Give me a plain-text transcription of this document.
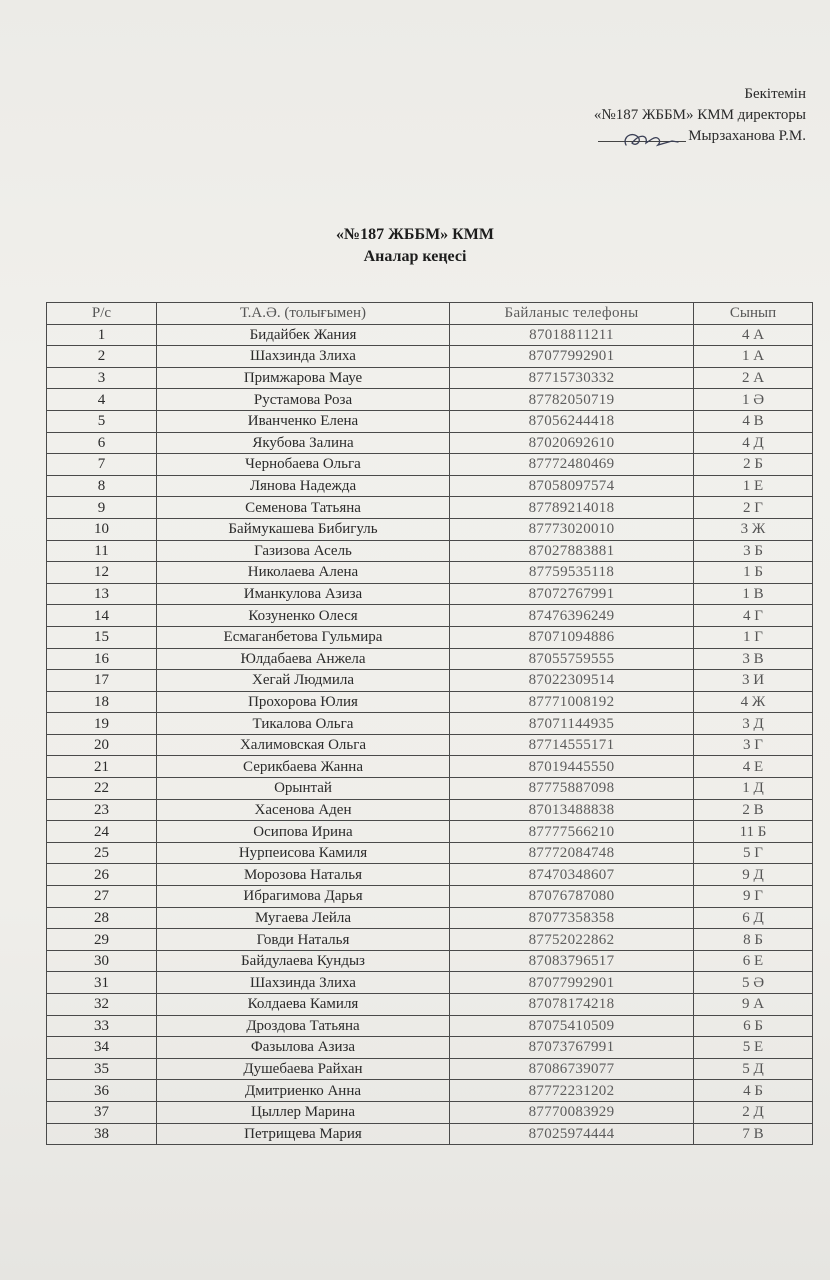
Бекітемін
«№187 ЖББМ» КММ директоры
Мырзаханова Р.М.
«№187 ЖББМ» КММ
Аналар кеңесі
Р/с	Т.А.Ә. (толығымен)	Байланыс телефоны	Сынып
1	Бидайбек Жания	87018811211	4 А
2	Шахзинда Злиха	87077992901	1 А
3	Примжарова Мауе	87715730332	2 А
4	Рустамова Роза	87782050719	1 Ә
5	Иванченко Елена	87056244418	4 В
6	Якубова Залина	87020692610	4 Д
7	Чернобаева Ольга	87772480469	2 Б
8	Лянова Надежда	87058097574	1 Е
9	Семенова Татьяна	87789214018	2 Г
10	Баймукашева Бибигуль	87773020010	3 Ж
11	Газизова Асель	87027883881	3 Б
12	Николаева Алена	87759535118	1 Б
13	Иманкулова Азиза	87072767991	1 В
14	Козуненко Олеся	87476396249	4 Г
15	Есмаганбетова Гульмира	87071094886	1 Г
16	Юлдабаева Анжела	87055759555	3 В
17	Хегай Людмила	87022309514	3 И
18	Прохорова Юлия	87771008192	4 Ж
19	Тикалова Ольга	87071144935	3 Д
20	Халимовская Ольга	87714555171	3 Г
21	Серикбаева Жанна	87019445550	4 Е
22	Орынтай	87775887098	1 Д
23	Хасенова Аден	87013488838	2 В
24	Осипова Ирина	87777566210	11 Б
25	Нурпеисова Камиля	87772084748	5 Г
26	Морозова Наталья	87470348607	9 Д
27	Ибрагимова Дарья	87076787080	9 Г
28	Мугаева Лейла	87077358358	6 Д
29	Говди Наталья	87752022862	8 Б
30	Байдулаева Кундыз	87083796517	6 Е
31	Шахзинда Злиха	87077992901	5 Ә
32	Колдаева Камиля	87078174218	9 А
33	Дроздова Татьяна	87075410509	6 Б
34	Фазылова Азиза	87073767991	5 Е
35	Душебаева Райхан	87086739077	5 Д
36	Дмитриенко Анна	87772231202	4 Б
37	Цыллер Марина	87770083929	2 Д
38	Петрищева Мария	87025974444	7 В
